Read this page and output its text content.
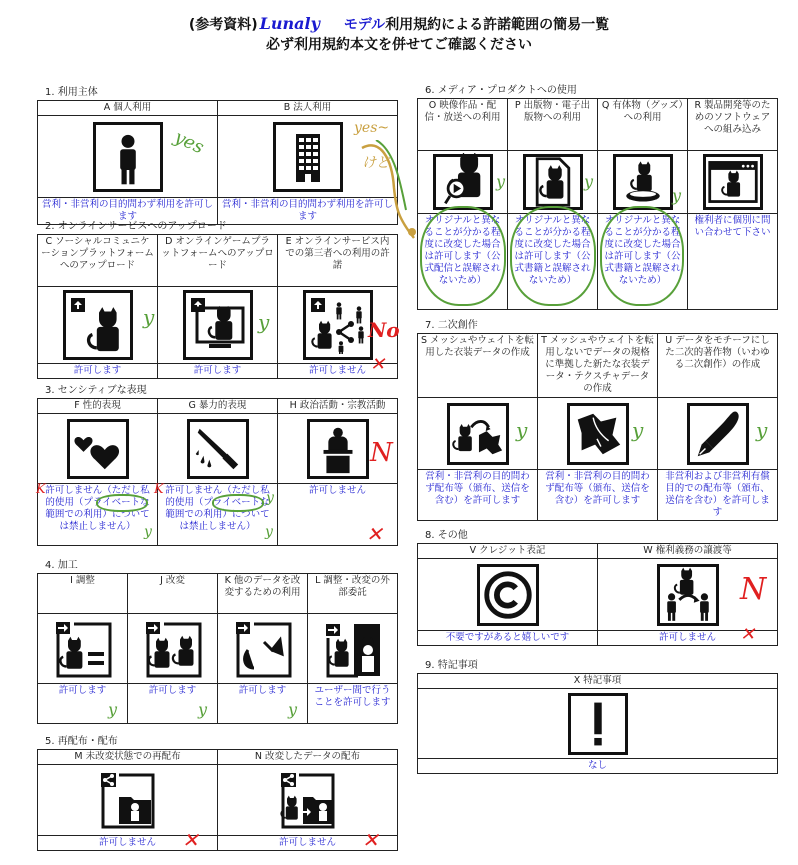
(参考資料) Lunaly モデル利用規約による許諾範囲の簡易一覧
必ず利用規約本文を併せてご確認ください
1. 利用主体
A 個人利用	B 法人利用

営利・非営利の目的問わず利用を許可します	営利・非営利の目的問わず利用を許可します
2. オンラインサービスへのアップロード
C ソーシャルコミュニケーションプラットフォームへのアップロード	D オンラインゲームプラットフォームへのアップロード	E オンラインサービス内での第三者への利用の許諾

許可します	許可します	許可しません
3. センシティブな表現
F 性的表現	G 暴力的表現	H 政治活動・宗教活動

許可しません（ただし私的使用（プライベートな範囲での利用）については禁止しません）	許可しません（ただし私的使用（プライベートな範囲での利用）については禁止しません）	許可しません
4. 加工
I 調整	J 改変	K 他のデータを改変するための利用	L 調整・改変の外部委託

許可します	許可します	許可します	ユーザー間で行うことを許可します
5. 再配布・配布
M 未改変状態での再配布	N 改変したデータの配布

許可しません	許可しません
6. メディア・プロダクトへの使用
O 映像作品・配信・放送への利用	P 出版物・電子出版物への利用	Q 有体物（グッズ）への利用	R 製品開発等のためのソフトウェアへの組み込み

オリジナルと異なることが分かる程度に改変した場合は許可します（公式配信と誤解されないため）	オリジナルと異なることが分かる程度に改変した場合は許可します（公式書籍と誤解されないため）	オリジナルと異なることが分かる程度に改変した場合は許可します（公式書籍と誤解されないため）	権利者に個別に問い合わせて下さい
7. 二次創作
S メッシュやウェイトを転用した衣装データの作成	T メッシュやウェイトを転用しないでデータの規格に準拠した新たな衣装データ・テクスチャデータの作成	U データをモチーフにした二次的著作物（いわゆる二次創作）の作成

営利・非営利の目的問わず配布等（頒布、送信を含む）を許可します	営利・非営利の目的問わず配布等（頒布、送信を含む）を許可します	非営利および非営利有償目的での配布等（頒布、送信を含む）を許可します
8. その他
V クレジット表記	W 権利義務の譲渡等

不要ですがあると嬉しいです	許可しません
9. 特記事項
X 特記事項

なし
yes	yes~
けど
y	y	No
✕
N
K	K
✕
y	y
y
y	y	y
✕	✕
y	y
y
y	y	y
N
✕
